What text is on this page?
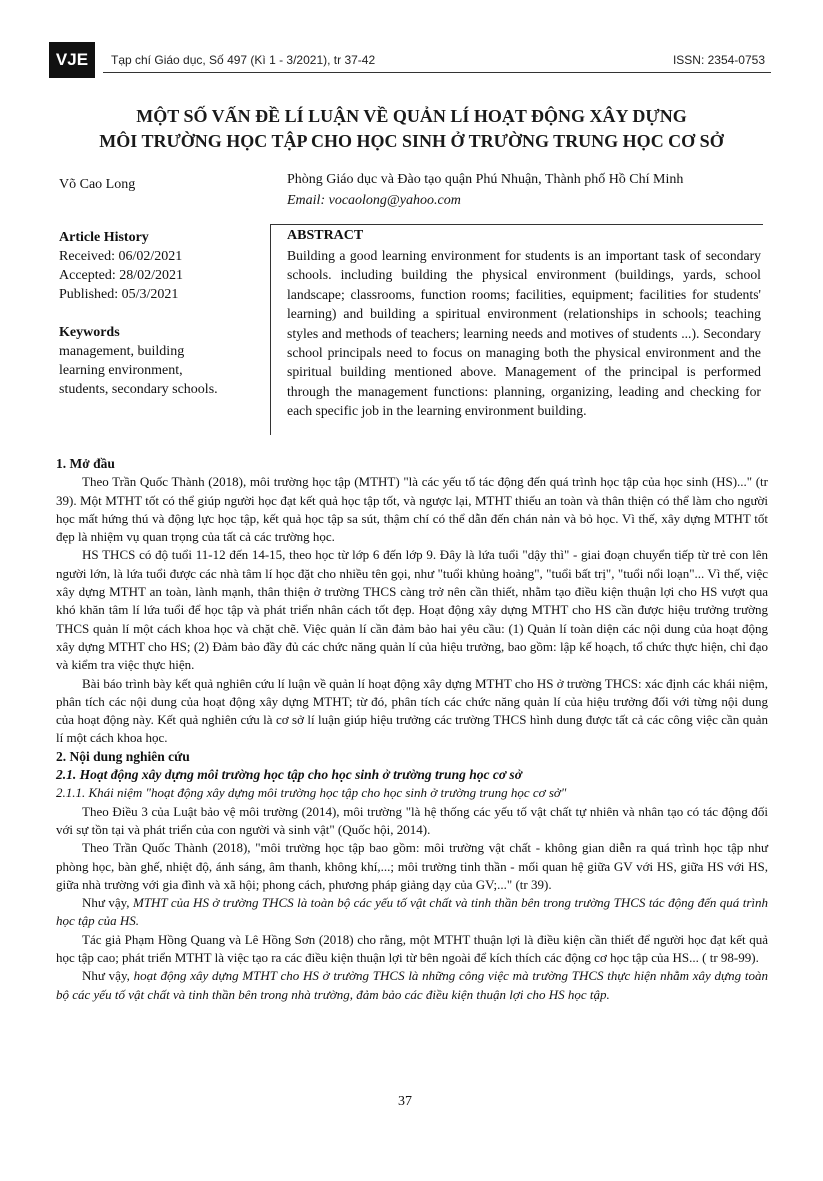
VJE Tạp chí Giáo dục, Số 497 (Kì 1 - 3/2021), tr 37-42	ISSN: 2354-0753
MỘT SỐ VẤN ĐỀ LÍ LUẬN VỀ QUẢN LÍ HOẠT ĐỘNG XÂY DỰNG
MÔI TRƯỜNG HỌC TẬP CHO HỌC SINH Ở TRƯỜNG TRUNG HỌC CƠ SỞ
Võ Cao Long	Phòng Giáo dục và Đào tạo quận Phú Nhuận, Thành phố Hồ Chí Minh
Email: vocaolong@yahoo.com
Article History
Received: 06/02/2021
Accepted: 28/02/2021
Published: 05/3/2021
Keywords
management, building
learning environment,
students, secondary schools.
ABSTRACT
Building a good learning environment for students is an important task of secondary schools. including building the physical environment (buildings, yards, school landscape; classrooms, function rooms; facilities, equipment; facilities for students' learning) and building a spiritual environment (relationships in schools; teaching styles and methods of teachers; learning needs and motives of students ...). Secondary school principals need to focus on managing both the physical environment and the spiritual building mentioned above. Management of the principal is performed through the management functions: planning, organizing, leading and checking for each specific job in the learning environment building.
1. Mở đầu

Theo Trần Quốc Thành (2018), môi trường học tập (MTHT) "là các yếu tố tác động đến quá trình học tập của học sinh (HS)..." (tr 39). Một MTHT tốt có thể giúp người học đạt kết quả học tập tốt, và ngược lại, MTHT thiếu an toàn và thân thiện có thể làm cho người học mất hứng thú và động lực học tập, kết quả học tập sa sút, thậm chí có thể dẫn đến chán nản và bỏ học. Vì thế, xây dựng MTHT tốt đẹp là nhiệm vụ quan trọng của tất cả các trường học.

HS THCS có độ tuổi 11-12 đến 14-15, theo học từ lớp 6 đến lớp 9. Đây là lứa tuổi "dậy thì" - giai đoạn chuyển tiếp từ trẻ con lên người lớn, là lứa tuổi được các nhà tâm lí học đặt cho nhiều tên gọi, như "tuổi khủng hoảng", "tuổi bất trị", "tuổi nổi loạn"... Vì thế, việc xây dựng MTHT an toàn, lành mạnh, thân thiện ở trường THCS càng trở nên cần thiết, nhằm tạo điều kiện thuận lợi cho HS vượt qua khó khăn tâm lí lứa tuổi để học tập và phát triển nhân cách tốt đẹp. Hoạt động xây dựng MTHT cho HS cần được hiệu trưởng trường THCS quản lí một cách khoa học và chặt chẽ. Việc quản lí cần đảm bảo hai yêu cầu: (1) Quản lí toàn diện các nội dung của hoạt động xây dựng MTHT cho HS; (2) Đảm bảo đầy đủ các chức năng quản lí của hiệu trưởng, bao gồm: lập kế hoạch, tổ chức thực hiện, chỉ đạo và kiểm tra việc thực hiện.

Bài báo trình bày kết quả nghiên cứu lí luận về quản lí hoạt động xây dựng MTHT cho HS ở trường THCS: xác định các khái niệm, phân tích các nội dung của hoạt động xây dựng MTHT; từ đó, phân tích các chức năng quản lí của hiệu trưởng đối với từng nội dung của hoạt động này. Kết quả nghiên cứu là cơ sở lí luận giúp hiệu trưởng các trường THCS hình dung được tất cả các công việc cần quản lí một cách khoa học.

2. Nội dung nghiên cứu
2.1. Hoạt động xây dựng môi trường học tập cho học sinh ở trường trung học cơ sở
2.1.1. Khái niệm "hoạt động xây dựng môi trường học tập cho học sinh ở trường trung học cơ sở"

Theo Điều 3 của Luật bảo vệ môi trường (2014), môi trường "là hệ thống các yếu tố vật chất tự nhiên và nhân tạo có tác động đối với sự tồn tại và phát triển của con người và sinh vật" (Quốc hội, 2014).

Theo Trần Quốc Thành (2018), "môi trường học tập bao gồm: môi trường vật chất - không gian diễn ra quá trình học tập như phòng học, bàn ghế, nhiệt độ, ánh sáng, âm thanh, không khí,...; môi trường tinh thần - mối quan hệ giữa GV với HS, giữa HS với HS, giữa nhà trường với gia đình và xã hội; phong cách, phương pháp giảng dạy của GV;..." (tr 39).

Như vậy, MTHT của HS ở trường THCS là toàn bộ các yếu tố vật chất và tinh thần bên trong trường THCS tác động đến quá trình học tập của HS.

Tác giả Phạm Hồng Quang và Lê Hồng Sơn (2018) cho rằng, một MTHT thuận lợi là điều kiện cần thiết để người học đạt kết quả học tập cao; phát triển MTHT là việc tạo ra các điều kiện thuận lợi từ bên ngoài để kích thích các động cơ học tập của HS... ( tr 98-99).

Như vậy, hoạt động xây dựng MTHT cho HS ở trường THCS là những công việc mà trường THCS thực hiện nhằm xây dựng toàn bộ các yếu tố vật chất và tinh thần bên trong nhà trường, đảm bảo các điều kiện thuận lợi cho HS học tập.

37
